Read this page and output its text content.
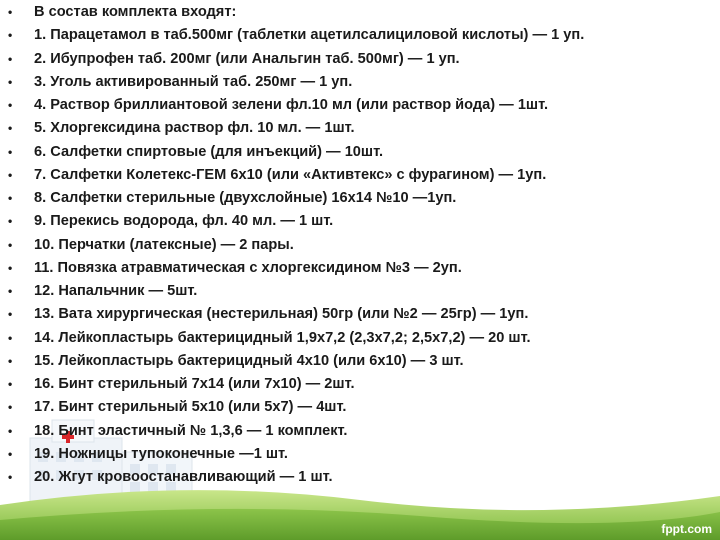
• В состав комплекта входят:
• 1. Парацетамол в таб.500мг (таблетки ацетилсалициловой кислоты) — 1 уп.
• 2. Ибупрофен таб. 200мг (или Анальгин таб. 500мг) — 1 уп.
• 3. Уголь активированный таб. 250мг — 1 уп.
• 4. Раствор бриллиантовой зелени фл.10 мл (или раствор йода) — 1шт.
• 5. Хлоргексидина раствор фл. 10 мл. — 1шт.
• 6. Салфетки спиртовые (для инъекций) — 10шт.
• 7. Салфетки Колетекс-ГЕМ 6х10 (или «Активтекс» с фурагином) — 1уп.
• 8. Салфетки стерильные (двухслойные) 16х14 №10 —1уп.
• 9. Перекись водорода, фл. 40 мл. — 1 шт.
• 10. Перчатки (латексные) — 2 пары.
• 11. Повязка атравматическая с хлоргексидином №3 — 2уп.
• 12. Напальчник — 5шт.
• 13. Вата хирургическая (нестерильная) 50гр (или №2 — 25гр) — 1уп.
• 14. Лейкопластырь бактерицидный 1,9х7,2 (2,3х7,2; 2,5х7,2) — 20 шт.
• 15. Лейкопластырь бактерицидный 4х10 (или 6х10) — 3 шт.
• 16. Бинт стерильный 7х14 (или 7х10) — 2шт.
• 17. Бинт стерильный 5х10 (или 5х7) — 4шт.
• 18. Бинт эластичный № 1,3,6 — 1 комплект.
• 19. Ножницы тупоконечные —1 шт.
• 20. Жгут кровоостанавливающий — 1 шт.
fppt.com
